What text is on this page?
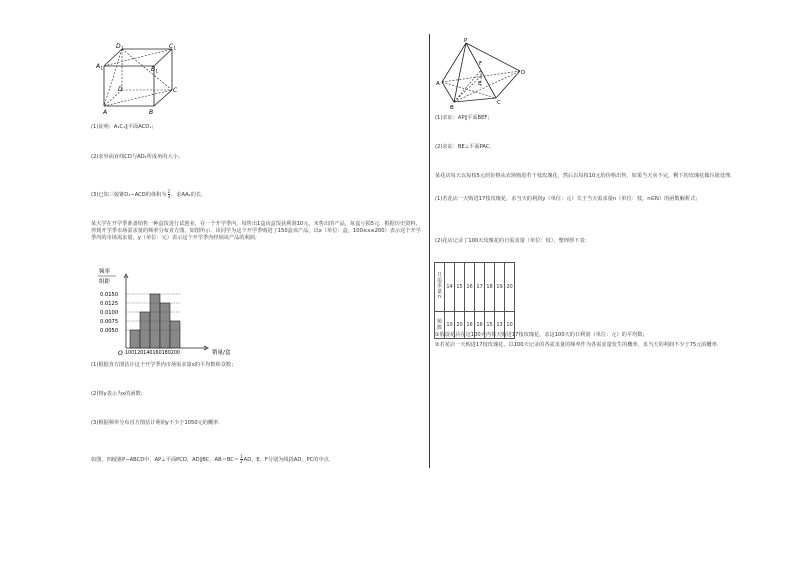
D 1	C 1
A 1	B 1
D	C
A	B
(1)证明：A₁C₁∥平面ACD₁；
(2)求异面直线CD与AD₁所成角的大小；
(3)已知三棱锥D₁−ACD的体积为 $\frac{2}{3}$ ，求AA₁的长．
某大学在开学季准备销售一种盒饭进行试创业，在一个开学季内，每售出1盒该盒饭获利润10元，未售出的产品，每盒亏损5元．根据历史资料，得到开学季市场需求量的频率分布直方图，如图所示．该同学为这个开学季购进了150盒该产品，以x（单位：盒，100≤x≤200）表示这个开学季内的市场需求量，y（单位：元）表示这个开学季内经销该产品的利润．
频率
组距
O	销量/盒
100120140160180200
0.0150
0.0125
0.0100
0.0075
0.0050
(1)根据直方图估计这个开学季内市场需求量x的平均数和众数；
(2)将y表示为x的函数；
(3)根据频率分布直方图估计利润y不少于1050元的概率．
如图，四棱锥P−ABCD中，AP⊥平面PCD，AD∥BC，$AB=BC= \frac{1}{2}$ AD，E，F分别为线段AD，PC的中点．
P
F
A	E
D
B
C
(1)求证：AP∥平面BEF；
(2)求证：BE⊥平面PAC．
某花店每天以每枝5元的价格从农场购进若干枝玫瑰花，然后以每枝10元的价格出售．如果当天卖不完，剩下的玫瑰花做垃圾处理．
(1)若花店一天购进17枝玫瑰花，求当天的利润y（单位：元）关于当天需求量n（单位：枝，n∈N）的函数解析式；
(2)花店记录了100天玫瑰花的日需求量（单位：枝），整理得下表：
日
需
求
量
n	14	15	16	17	18	19	20
频
数	10	20	16	16	15	13	10
①假设花店在这100天内每天购进17枝玫瑰花，求这100天的日利润（单位：元）的平均数；
②若花店一天购进17枝玫瑰花，以100天记录的各需求量的频率作为各需求量发生的概率，求当天的利润不少于75元的概率．
